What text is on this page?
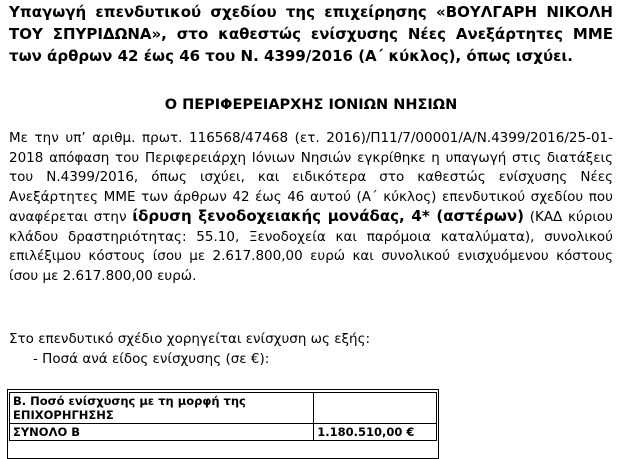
Υπαγωγή επενδυτικού σχεδίου της επιχείρησης «ΒΟΥΛΓΑΡΗ ΝΙΚΟΛΗ ΤΟΥ ΣΠΥΡΙΔΩΝΑ», στο καθεστώς ενίσχυσης Νέες Ανεξάρτητες ΜΜΕ των άρθρων 42 έως 46 του Ν. 4399/2016 (Α΄ κύκλος), όπως ισχύει.

Ο ΠΕΡΙΦΕΡΕΙΑΡΧΗΣ ΙΟΝΙΩΝ ΝΗΣΙΩΝ

Με την υπ’ αριθμ. πρωτ. 116568/47468 (ετ. 2016)/Π11/7/00001/Α/Ν.4399/2016/25-01-2018 απόφαση του Περιφερειάρχη Ιόνιων Νησιών εγκρίθηκε η υπαγωγή στις διατάξεις του Ν.4399/2016, όπως ισχύει, και ειδικότερα στο καθεστώς ενίσχυσης Νέες Ανεξάρτητες ΜΜΕ των άρθρων 42 έως 46 αυτού (Α΄ κύκλος) επενδυτικού σχεδίου που αναφέρεται στην ίδρυση ξενοδοχειακής μονάδας, 4* (αστέρων) (ΚΑΔ κύριου κλάδου δραστηριότητας: 55.10, Ξενοδοχεία και παρόμοια καταλύματα), συνολικού επιλέξιμου κόστους ίσου με 2.617.800,00 ευρώ και συνολικού ενισχυόμενου κόστους ίσου με 2.617.800,00 ευρώ.

Στο επενδυτικό σχέδιο χορηγείται ενίσχυση ως εξής:

- Ποσά ανά είδος ενίσχυσης (σε €):

Β. Ποσό ενίσχυσης με τη μορφή της ΕΠΙΧΟΡΗΓΗΣΗΣ	
ΣΥΝΟΛΟ Β	1.180.510,00 €
